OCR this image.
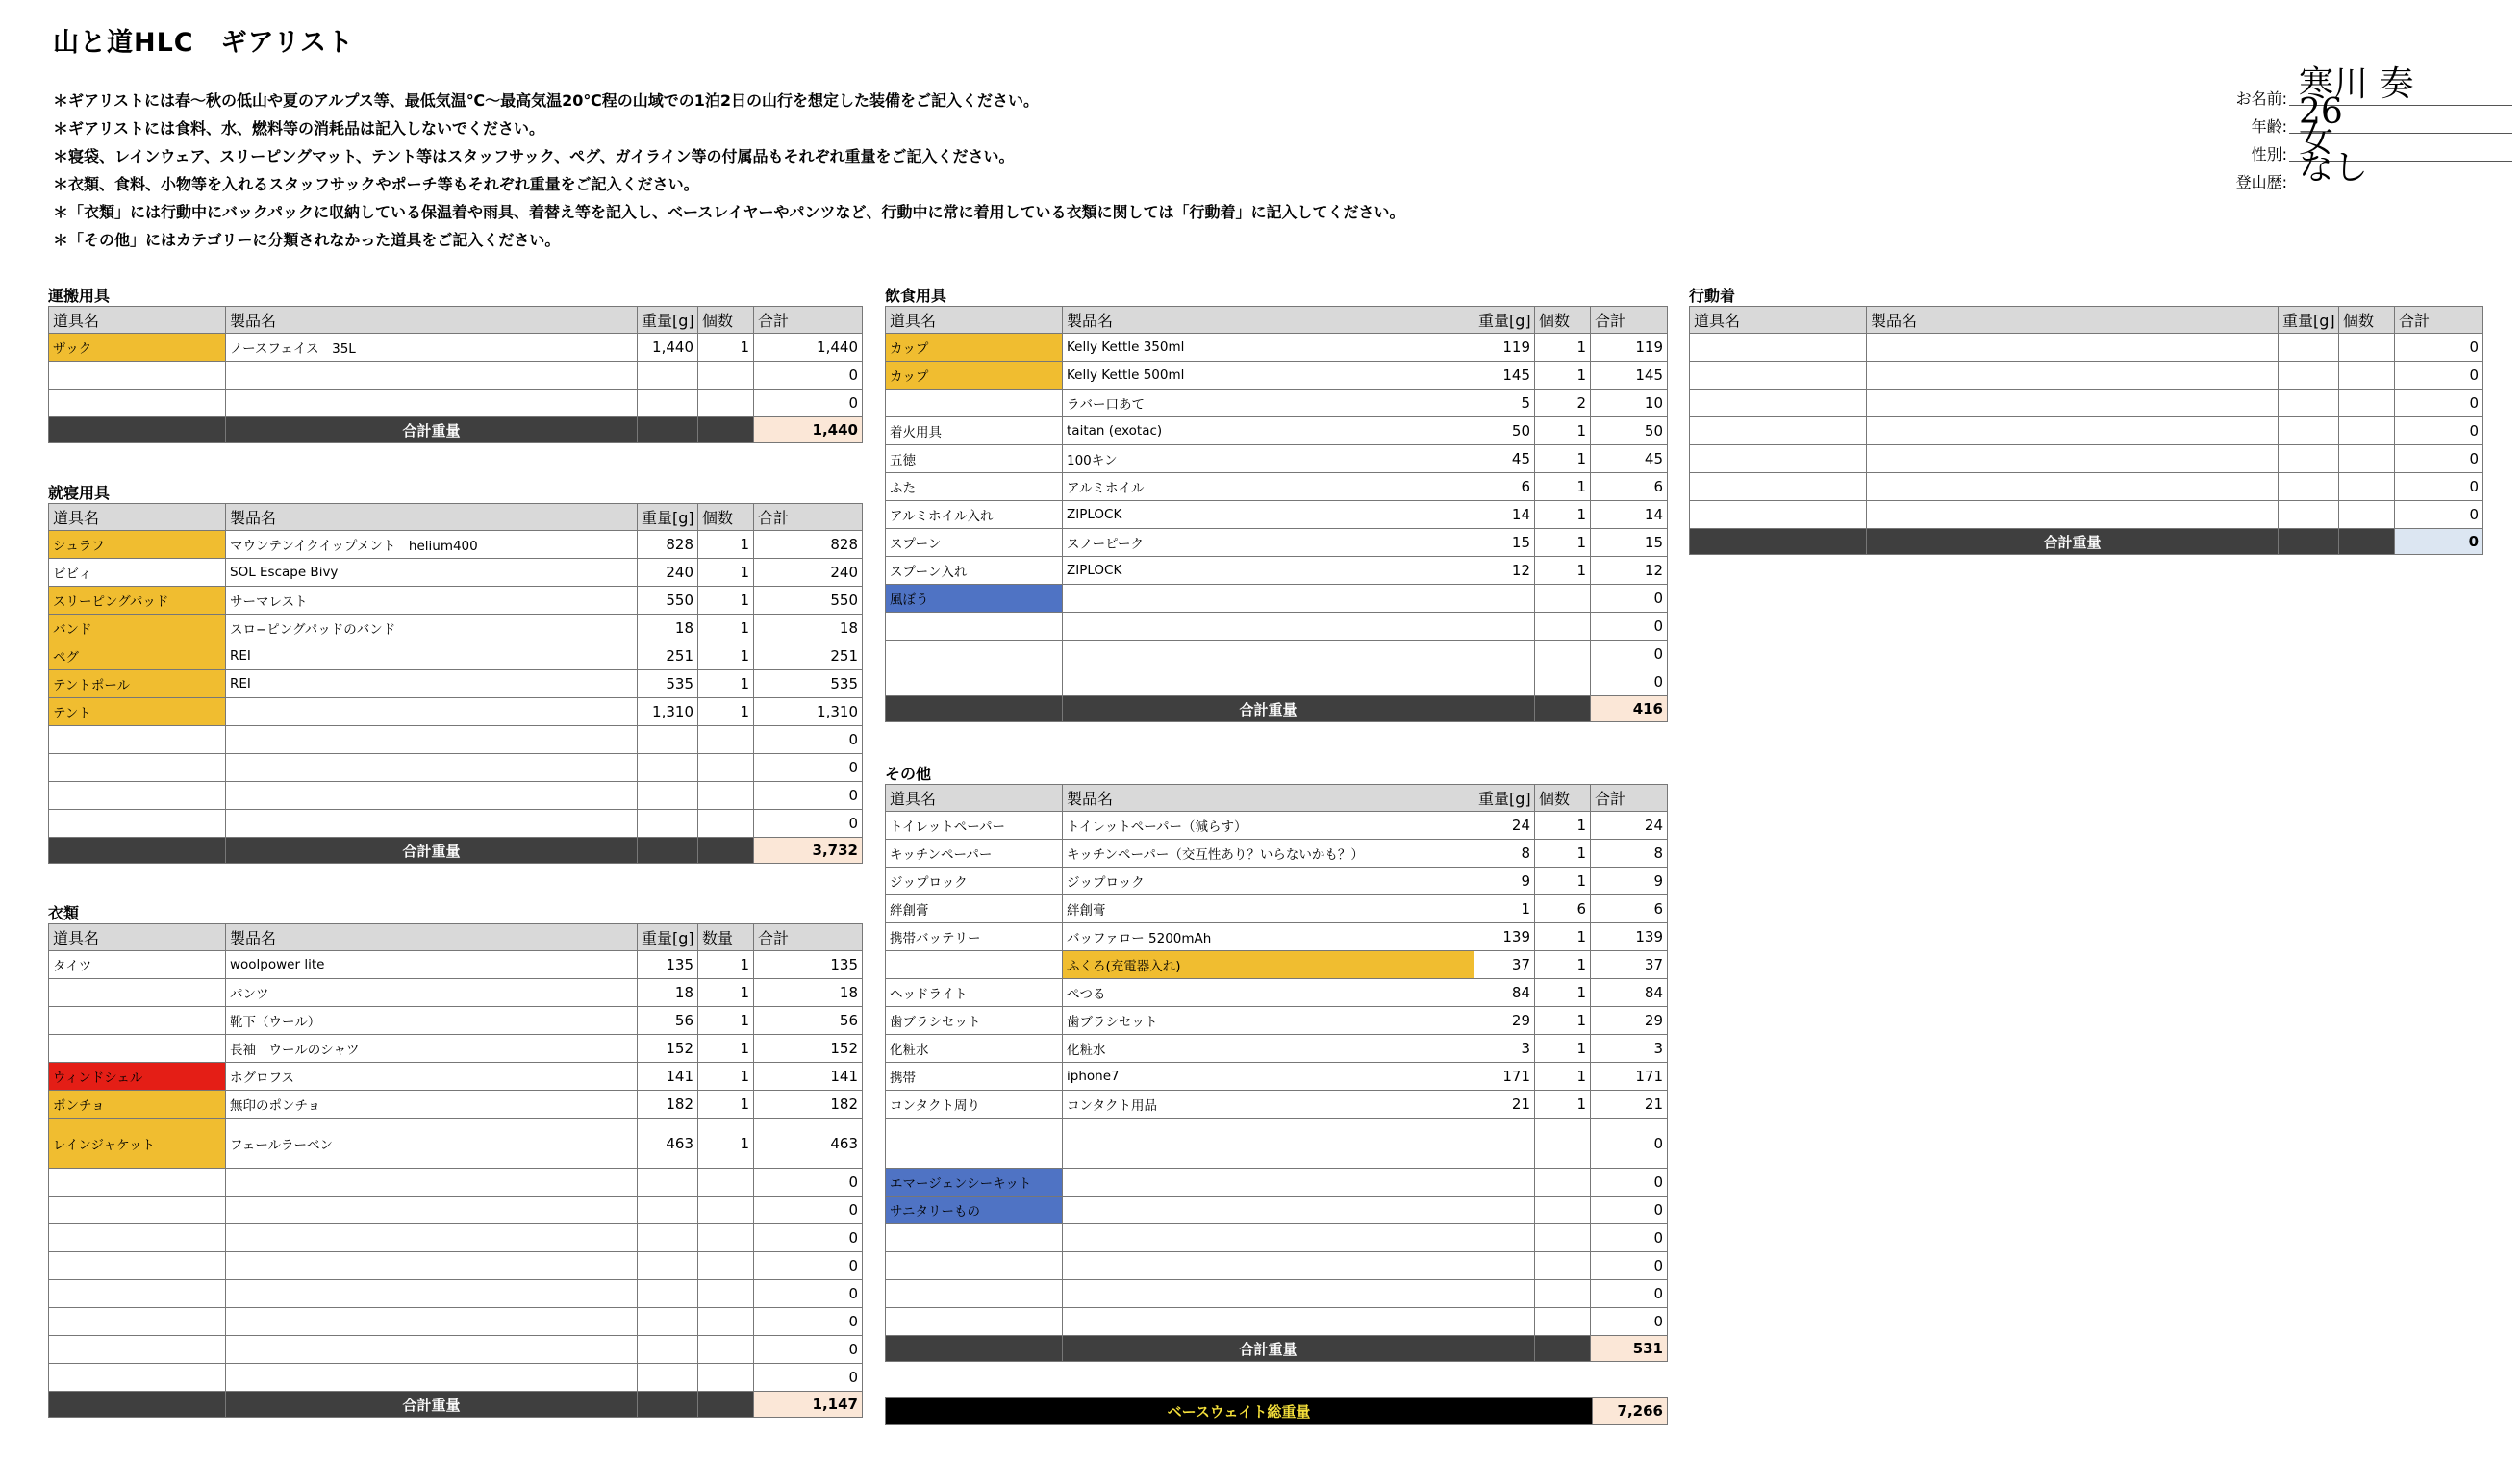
山と道HLC　ギアリスト
＊ギアリストには春〜秋の低山や夏のアルプス等、最低気温℃〜最高気温20℃程の山域での1泊2日の山行を想定した装備をご記入ください。
＊ギアリストには食料、水、燃料等の消耗品は記入しないでください。
＊寝袋、レインウェア、スリーピングマット、テント等はスタッフサック、ペグ、ガイライン等の付属品もそれぞれ重量をご記入ください。
＊衣類、食料、小物等を入れるスタッフサックやポーチ等もそれぞれ重量をご記入ください。
＊「衣類」には行動中にバックパックに収納している保温着や雨具、着替え等を記入し、ベースレイヤーやパンツなど、行動中に常に着用している衣類に関しては「行動着」に記入してください。
＊「その他」にはカテゴリーに分類されなかった道具をご記入ください。
お名前: 寒川 奏
年齢: 26
性別: 女
登山歴: なし
運搬用具
道具名	製品名	重量[g]	個数	合計
ザック	ノースフェイス　35L	1,440	1	1,440
				0
				0
	合計重量			1,440
就寝用具
道具名	製品名	重量[g]	個数	合計
シュラフ	マウンテンイクイップメント　helium400	828	1	828
ビビィ	SOL Escape Bivy	240	1	240
スリーピングパッド	サーマレスト	550	1	550
バンド	スロ−ピングパッドのバンド	18	1	18
ペグ	REI	251	1	251
テントポール	REI	535	1	535
テント		1,310	1	1,310
				0
				0
				0
				0
	合計重量			3,732
衣類
道具名	製品名	重量[g]	数量	合計
タイツ	woolpower lite	135	1	135
	パンツ	18	1	18
	靴下（ウール）	56	1	56
	長袖　ウールのシャツ	152	1	152
ウィンドシェル	ホグロフス	141	1	141
ポンチョ	無印のポンチョ	182	1	182
レインジャケット	フェールラーベン	463	1	463
				0
				0
				0
				0
				0
				0
				0
				0
	合計重量			1,147
飲食用具
道具名	製品名	重量[g]	個数	合計
カップ	Kelly Kettle 350ml	119	1	119
カップ	Kelly Kettle 500ml	145	1	145
	ラバー口あて	5	2	10
着火用具	taitan (exotac)	50	1	50
五徳	100キン	45	1	45
ふた	アルミホイル	6	1	6
アルミホイル入れ	ZIPLOCK	14	1	14
スプーン	スノーピーク	15	1	15
スプーン入れ	ZIPLOCK	12	1	12
風ぼう				0
				0
				0
				0
	合計重量			416
その他
道具名	製品名	重量[g]	個数	合計
トイレットペーパー	トイレットペーパー（減らす）	24	1	24
キッチンペーパー	キッチンペーパー（交互性あり？いらないかも？）	8	1	8
ジップロック	ジップロック	9	1	9
絆創膏	絆創膏	1	6	6
携帯バッテリー	バッファロー 5200mAh	139	1	139
	ふくろ(充電器入れ)	37	1	37
ヘッドライト	ぺつる	84	1	84
歯ブラシセット	歯ブラシセット	29	1	29
化粧水	化粧水	3	1	3
携帯	iphone7	171	1	171
コンタクト周り	コンタクト用品	21	1	21
				0
エマージェンシーキット				0
サニタリーもの				0
				0
				0
				0
				0
	合計重量			531
行動着
道具名	製品名	重量[g]	個数	合計
				0
				0
				0
				0
				0
				0
				0
	合計重量			0
ベースウェイト総重量	7,266
